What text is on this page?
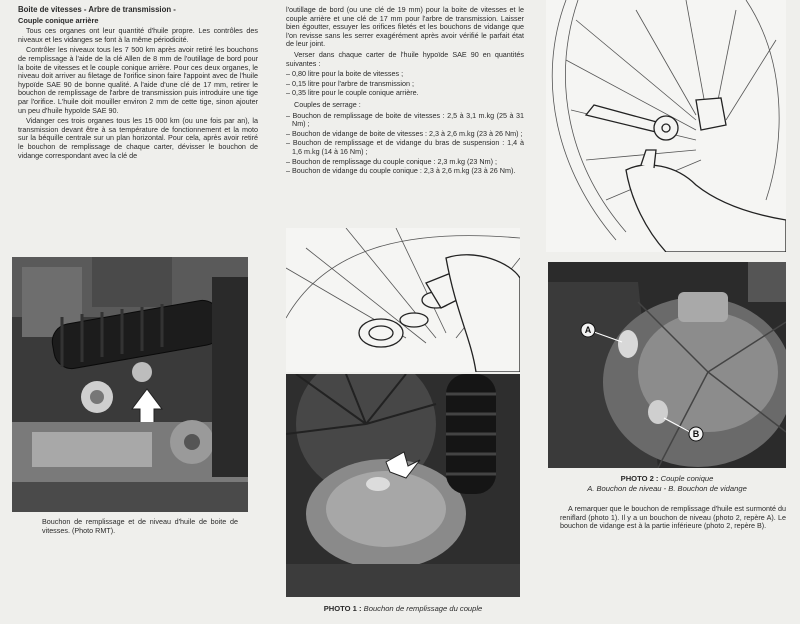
Boite de vitesses - Arbre de transmission -

Couple conique arrière

Tous ces organes ont leur quantité d'huile propre. Les contrôles des niveaux et les vidanges se font à la même périodicité.

Contrôler les niveaux tous les 7 500 km après avoir retiré les bouchons de remplissage à l'aide de la clé Allen de 8 mm de l'outillage de bord pour la boite de vitesses et le couple conique arrière. Pour ces deux organes, le niveau doit arriver au filetage de l'orifice sinon faire l'appoint avec de l'huile hypoïde SAE 90 de bonne qualité. A l'aide d'une clé de 17 mm, retirer le bouchon de remplissage de l'arbre de transmission puis introduire une tige par l'orifice. L'huile doit mouiller environ 2 mm de cette tige, sinon ajouter un peu d'huile hypoïde SAE 90.

Vidanger ces trois organes tous les 15 000 km (ou une fois par an), la transmission devant être à sa température de fonctionnement et la moto sur la béquille centrale sur un plan horizontal. Pour cela, après avoir retiré le bouchon de remplissage de chaque carter, dévisser le bouchon de vidange correspondant avec la clé de

l'outillage de bord (ou une clé de 19 mm) pour la boite de vitesses et le couple arrière et une clé de 17 mm pour l'arbre de transmission. Laisser bien égoutter, essuyer les orifices filetés et les bouchons de vidange que l'on revisse sans les serrer exagérément après avoir vérifié le parfait état de leur joint.

Verser dans chaque carter de l'huile hypoïde SAE 90 en quantités suivantes :

– 0,80 litre pour la boite de vitesses ;
– 0,15 litre pour l'arbre de transmission ;
– 0,35 litre pour le couple conique arrière.

Couples de serrage :

– Bouchon de remplissage de boite de vitesses : 2,5 à 3,1 m.kg (25 à 31 Nm) ;
– Bouchon de vidange de boite de vitesses : 2,3 à 2,6 m.kg (23 à 26 Nm) ;
– Bouchon de remplissage et de vidange du bras de suspension : 1,4 à 1,6 m.kg (14 à 16 Nm) ;
– Bouchon de remplissage du couple conique : 2,3 m.kg (23 Nm) ;
– Bouchon de vidange du couple conique : 2,3 à 2,6 m.kg (23 à 26 Nm).
Bouchon de remplissage et de niveau d'huile de boite de vitesses. (Photo RMT).
PHOTO 1 : Bouchon de remplissage du couple
A
B
PHOTO 2 : Couple conique
A. Bouchon de niveau - B. Bouchon de vidange

A remarquer que le bouchon de remplissage d'huile est surmonté du reniflard (photo 1). Il y a un bouchon de niveau (photo 2, repère A). Le bouchon de vidange est à la partie inférieure (photo 2, repère B).
